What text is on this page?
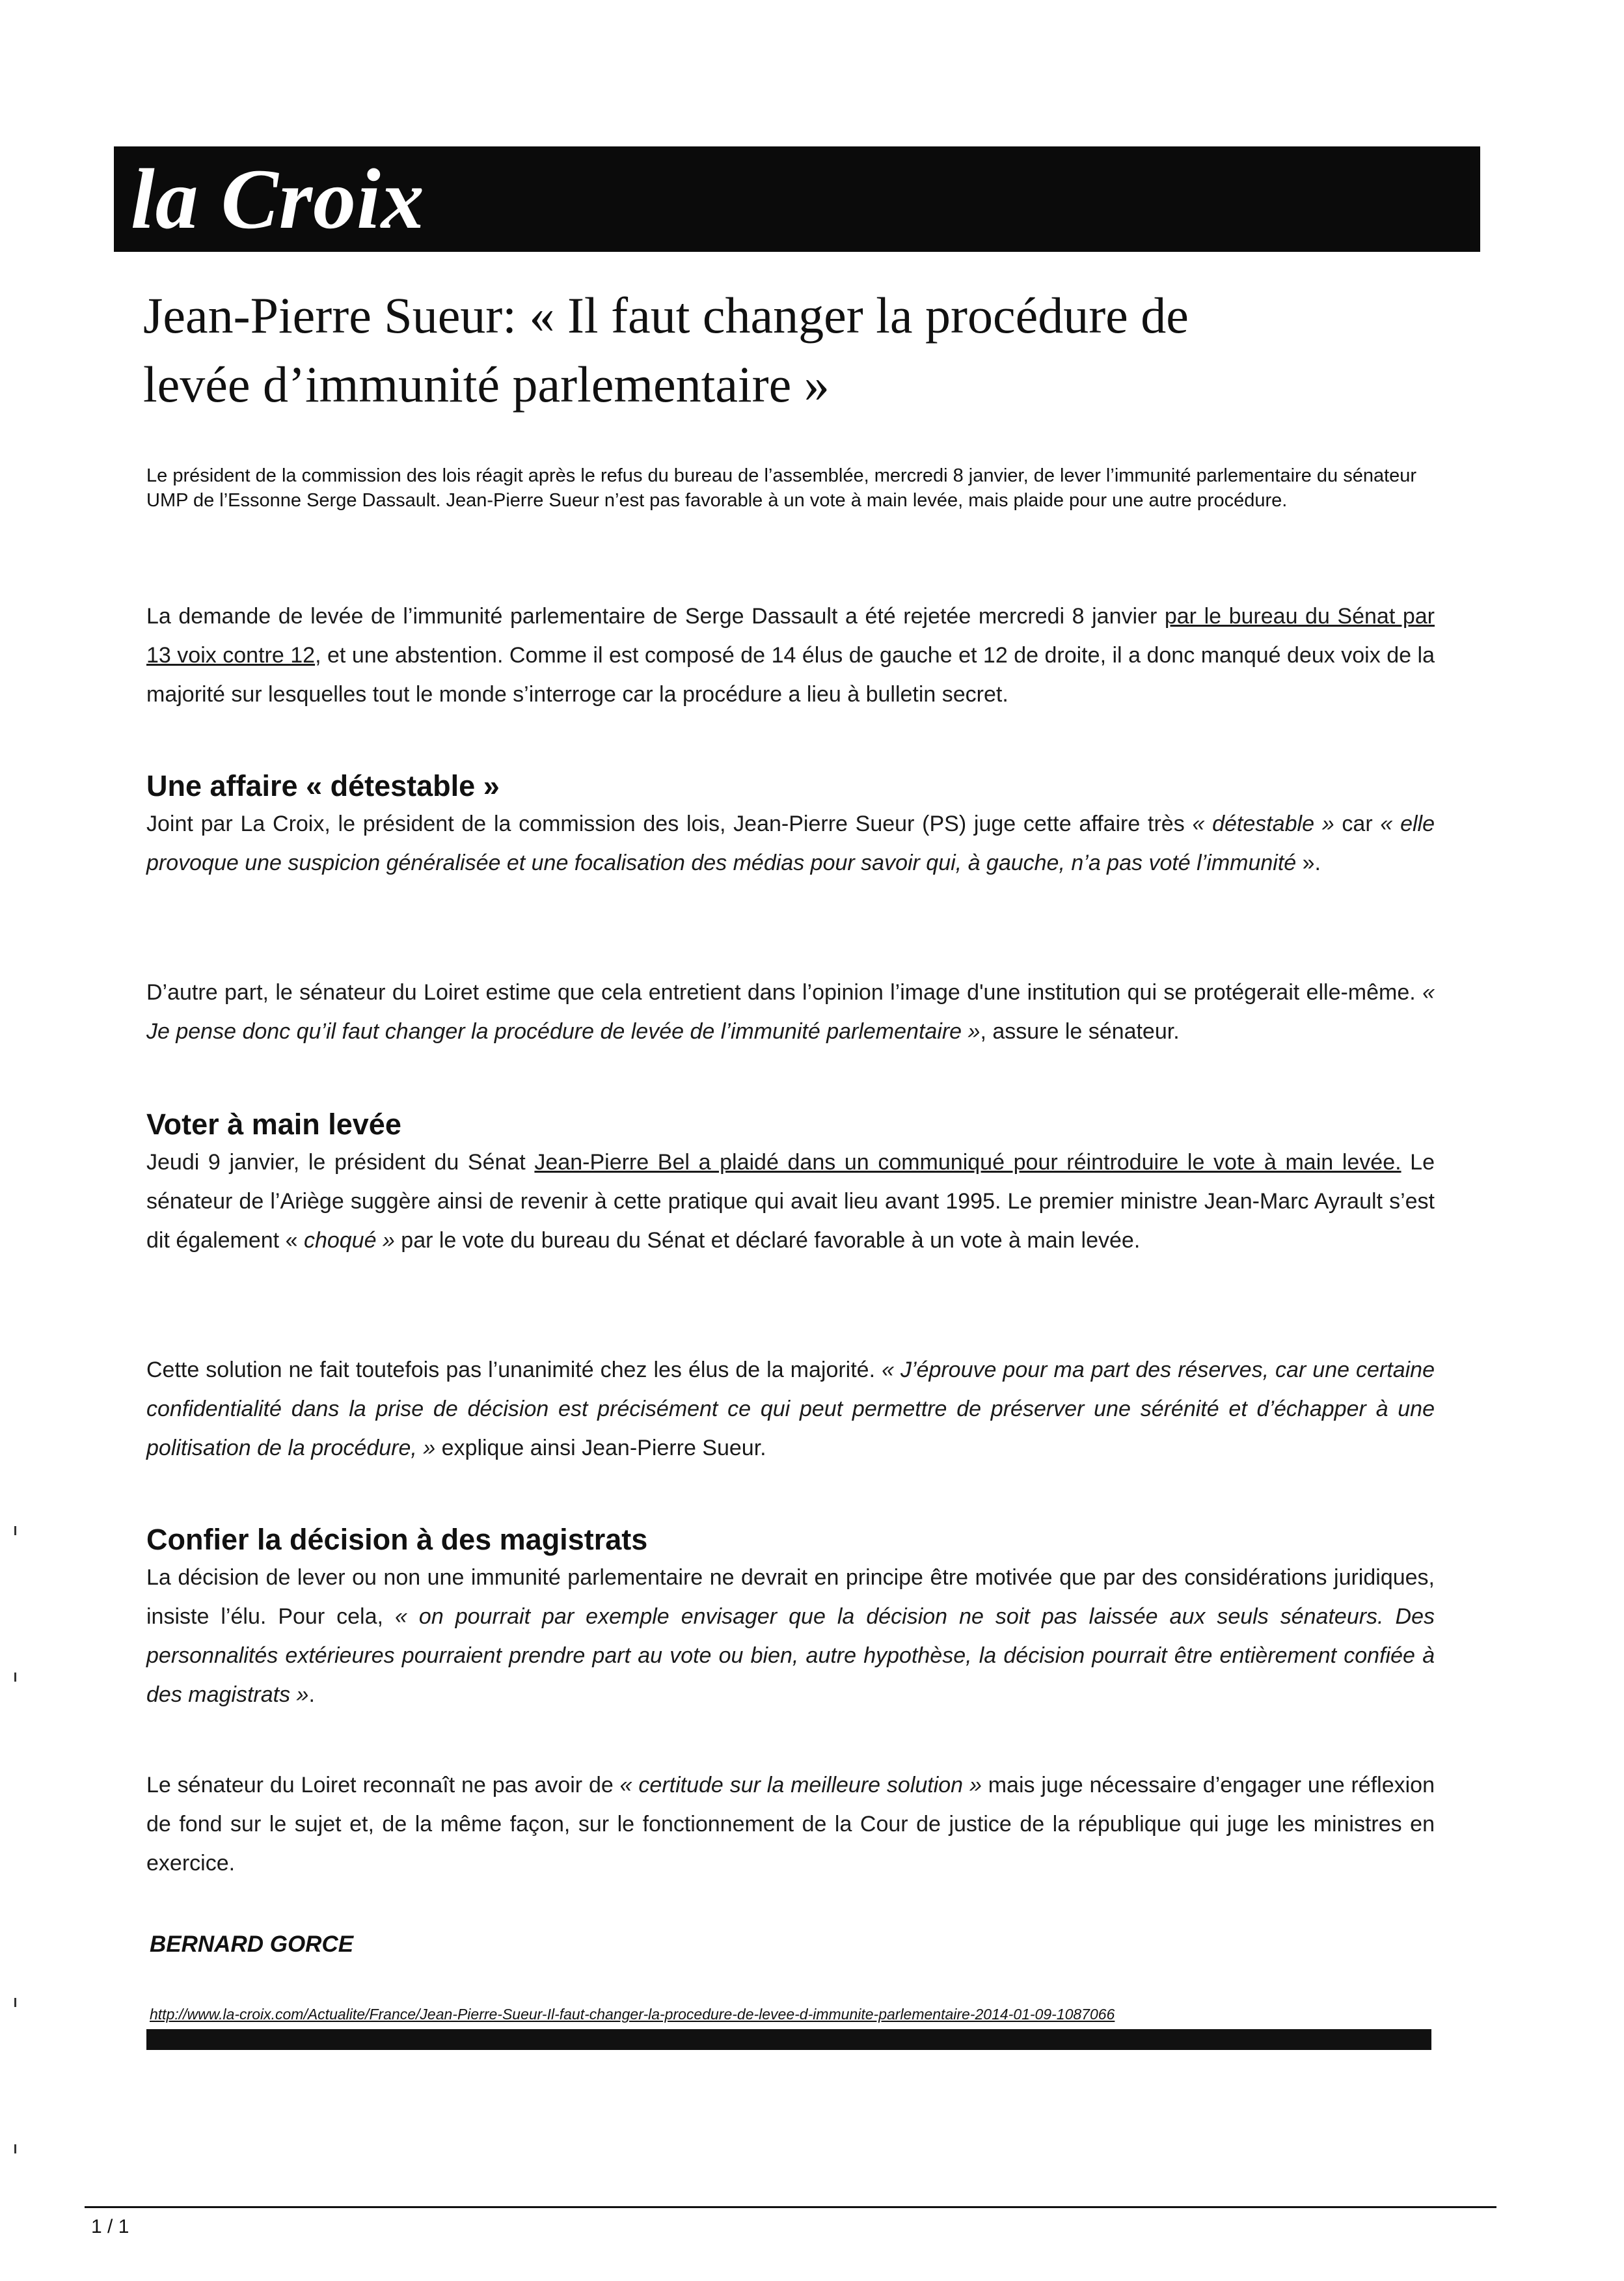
la Croix
Jean-Pierre Sueur: « Il faut changer la procédure de
levée d’immunité parlementaire »

Le président de la commission des lois réagit après le refus du bureau de l’assemblée, mercredi 8 janvier, de lever l’immunité parlementaire du sénateur UMP de l’Essonne Serge Dassault. Jean-Pierre Sueur n’est pas favorable à un vote à main levée, mais plaide pour une autre procédure.

La demande de levée de l’immunité parlementaire de Serge Dassault a été rejetée mercredi 8 janvier par le bureau du Sénat par 13 voix contre 12, et une abstention. Comme il est composé de 14 élus de gauche et 12 de droite, il a donc manqué deux voix de la majorité sur lesquelles tout le monde s’interroge car la procédure a lieu à bulletin secret.

Une affaire « détestable »

Joint par La Croix, le président de la commission des lois, Jean-Pierre Sueur (PS) juge cette affaire très « détestable » car « elle provoque une suspicion généralisée et une focalisation des médias pour savoir qui, à gauche, n’a pas voté l’immunité ».

D’autre part, le sénateur du Loiret estime que cela entretient dans l’opinion l’image d'une institution qui se protégerait elle-même. « Je pense donc qu’il faut changer la procédure de levée de l’immunité parlementaire », assure le sénateur.

Voter à main levée

Jeudi 9 janvier, le président du Sénat Jean-Pierre Bel a plaidé dans un communiqué pour réintroduire le vote à main levée. Le sénateur de l’Ariège suggère ainsi de revenir à cette pratique qui avait lieu avant 1995. Le premier ministre Jean-Marc Ayrault s’est dit également « choqué » par le vote du bureau du Sénat et déclaré favorable à un vote à main levée.

Cette solution ne fait toutefois pas l’unanimité chez les élus de la majorité. « J’éprouve pour ma part des réserves, car une certaine confidentialité dans la prise de décision est précisément ce qui peut permettre de préserver une sérénité et d’échapper à une politisation de la procédure, » explique ainsi Jean-Pierre Sueur.

Confier la décision à des magistrats

La décision de lever ou non une immunité parlementaire ne devrait en principe être motivée que par des considérations juridiques, insiste l’élu. Pour cela, « on pourrait par exemple envisager que la décision ne soit pas laissée aux seuls sénateurs. Des personnalités extérieures pourraient prendre part au vote ou bien, autre hypothèse, la décision pourrait être entièrement confiée à des magistrats ».

Le sénateur du Loiret reconnaît ne pas avoir de « certitude sur la meilleure solution » mais juge nécessaire d’engager une réflexion de fond sur le sujet et, de la même façon, sur le fonctionnement de la Cour de justice de la république qui juge les ministres en exercice.

BERNARD GORCE

http://www.la-croix.com/Actualite/France/Jean-Pierre-Sueur-Il-faut-changer-la-procedure-de-levee-d-immunite-parlementaire-2014-01-09-1087066

1 / 1
